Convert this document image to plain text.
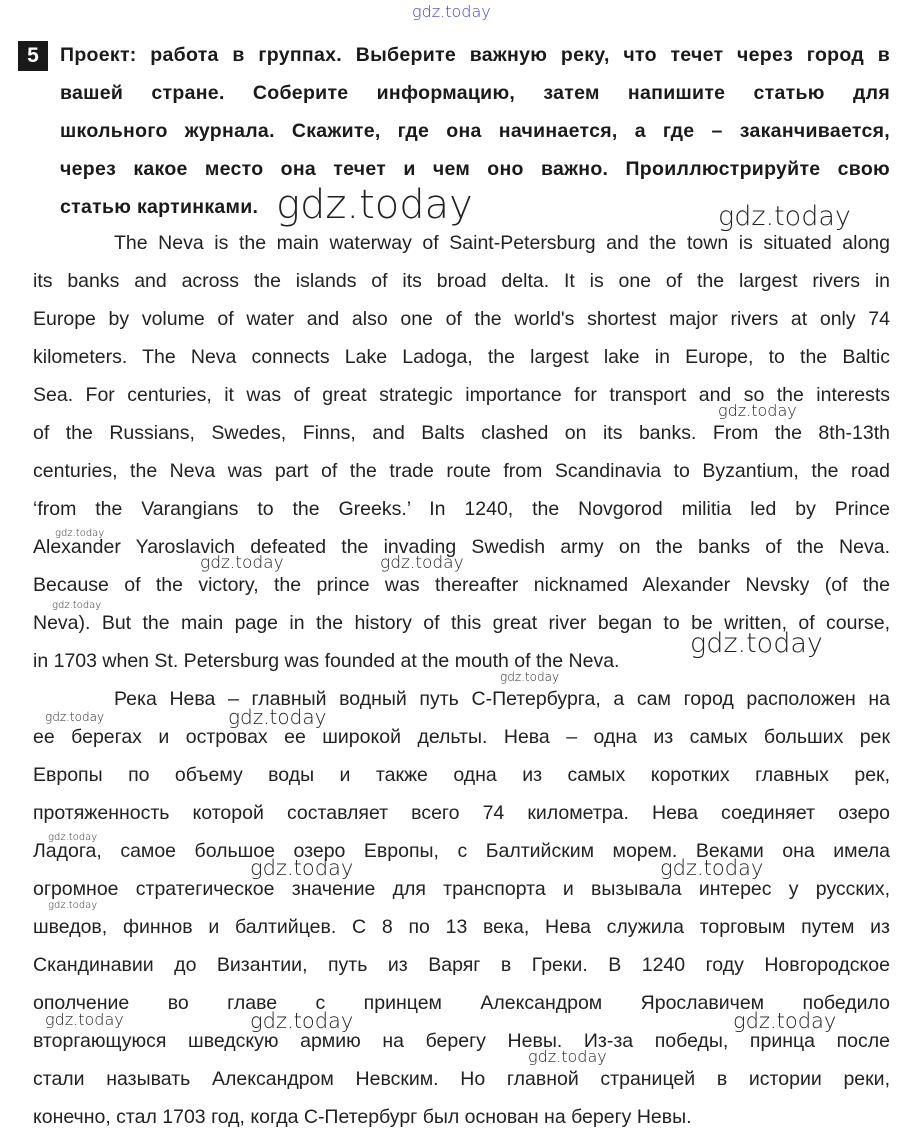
5	Проект: работа в группах. Выберите важную реку, что течет через город в
вашей стране. Соберите информацию, затем напишите статью для
школьного журнала. Скажите, где она начинается, а где – заканчивается,
через какое место она течет и чем оно важно. Проиллюстрируйте свою
статью картинками.
The Neva is the main waterway of Saint-Petersburg and the town is situated along
its banks and across the islands of its broad delta. It is one of the largest rivers in
Europe by volume of water and also one of the world's shortest major rivers at only 74
kilometers. The Neva connects Lake Ladoga, the largest lake in Europe, to the Baltic
Sea. For centuries, it was of great strategic importance for transport and so the interests
of the Russians, Swedes, Finns, and Balts clashed on its banks. From the 8th-13th
centuries, the Neva was part of the trade route from Scandinavia to Byzantium, the road
‘from the Varangians to the Greeks.’ In 1240, the Novgorod militia led by Prince
Alexander Yaroslavich defeated the invading Swedish army on the banks of the Neva.
Because of the victory, the prince was thereafter nicknamed Alexander Nevsky (of the
Neva). But the main page in the history of this great river began to be written, of course,
in 1703 when St. Petersburg was founded at the mouth of the Neva.
Река Нева – главный водный путь С-Петербурга, а сам город расположен на
ее берегах и островах ее широкой дельты. Нева – одна из самых больших рек
Европы по объему воды и также одна из самых коротких главных рек,
протяженность которой составляет всего 74 километра. Нева соединяет озеро
Ладога, самое большое озеро Европы, с Балтийским морем. Веками она имела
огромное стратегическое значение для транспорта и вызывала интерес у русских,
шведов, финнов и балтийцев. С 8 по 13 века, Нева служила торговым путем из
Скандинавии до Византии, путь из Варяг в Греки. В 1240 году Новгородское
ополчение во главе с принцем Александром Ярославичем победило
вторгающуюся шведскую армию на берегу Невы. Из-за победы, принца после
стали называть Александром Невским. Но главной страницей в истории реки,
конечно, стал 1703 год, когда С-Петербург был основан на берегу Невы.
gdz.today
gdz.today	gdz.today
gdz.today
gdz.today
gdz.today	gdz.today
gdz.today
gdz.today
gdz.today
gdz.today	gdz.today
gdz.today
gdz.today	gdz.today
gdz.today
gdz.today	gdz.today	gdz.today
gdz.today
